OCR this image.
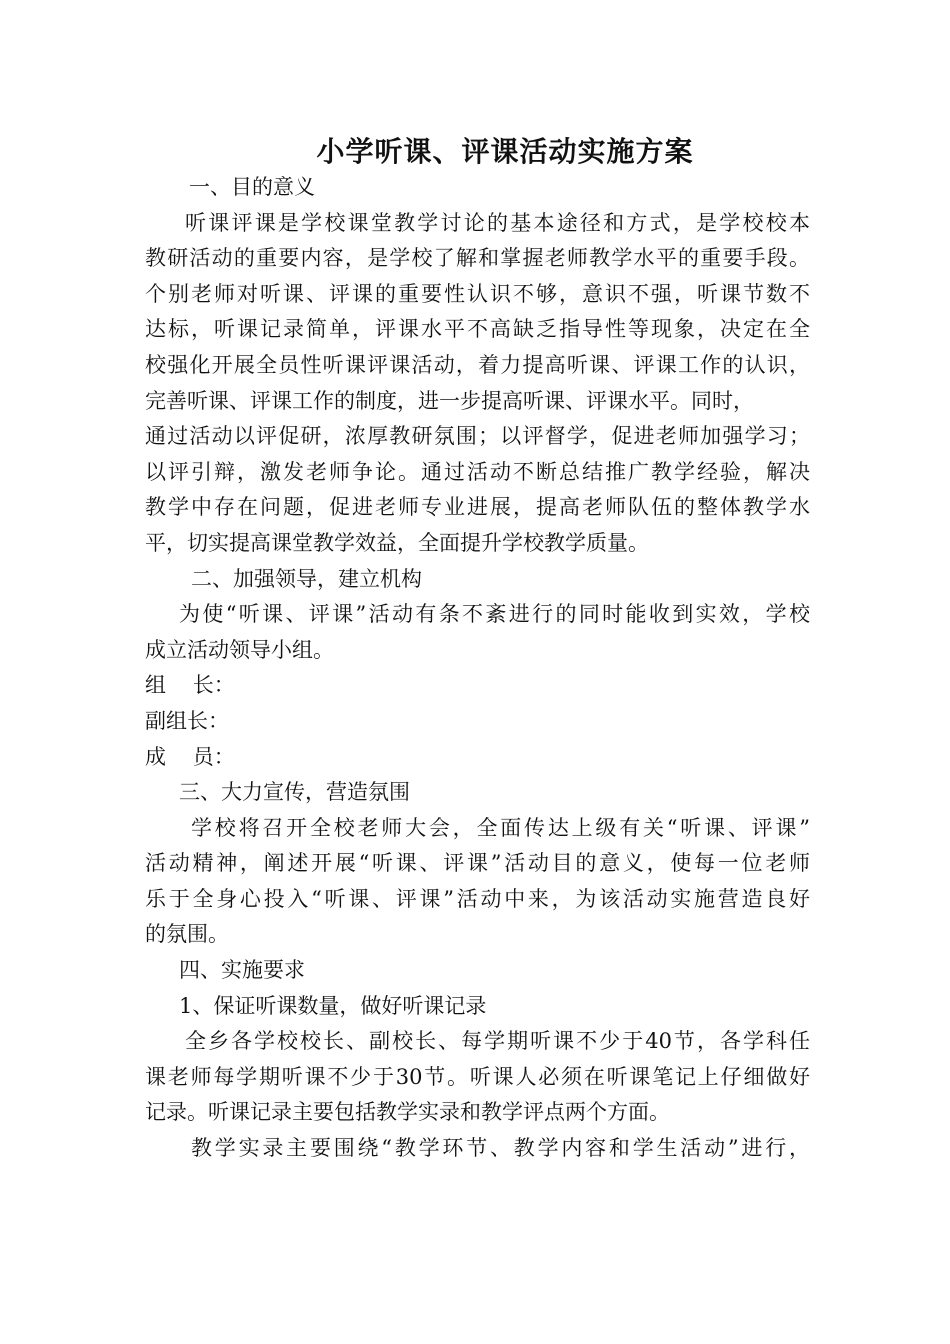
小学听课、评课活动实施方案
一、目的意义
听课评课是学校课堂教学讨论的基本途径和方式，是学校校本
教研活动的重要内容，是学校了解和掌握老师教学水平的重要手段。
个别老师对听课、评课的重要性认识不够，意识不强，听课节数不
达标，听课记录简单，评课水平不高缺乏指导性等现象，决定在全
校强化开展全员性听课评课活动，着力提高听课、评课工作的认识，
完善听课、评课工作的制度，进一步提高听课、评课水平。同时，
通过活动以评促研，浓厚教研氛围；以评督学，促进老师加强学习；
以评引辩，激发老师争论。通过活动不断总结推广教学经验，解决
教学中存在问题，促进老师专业进展，提高老师队伍的整体教学水
平，切实提高课堂教学效益，全面提升学校教学质量。
二、加强领导，建立机构
为使“听课、评课”活动有条不紊进行的同时能收到实效，学校
成立活动领导小组。
组    长：
副组长：
成    员：
三、大力宣传，营造氛围
学校将召开全校老师大会，全面传达上级有关“听课、评课”
活动精神，阐述开展“听课、评课”活动目的意义，使每一位老师
乐于全身心投入“听课、评课”活动中来，为该活动实施营造良好
的氛围。
四、实施要求
1、保证听课数量，做好听课记录
全乡各学校校长、副校长、每学期听课不少于40节，各学科任
课老师每学期听课不少于30节。听课人必须在听课笔记上仔细做好
记录。听课记录主要包括教学实录和教学评点两个方面。
教学实录主要围绕“教学环节、教学内容和学生活动”进行，
